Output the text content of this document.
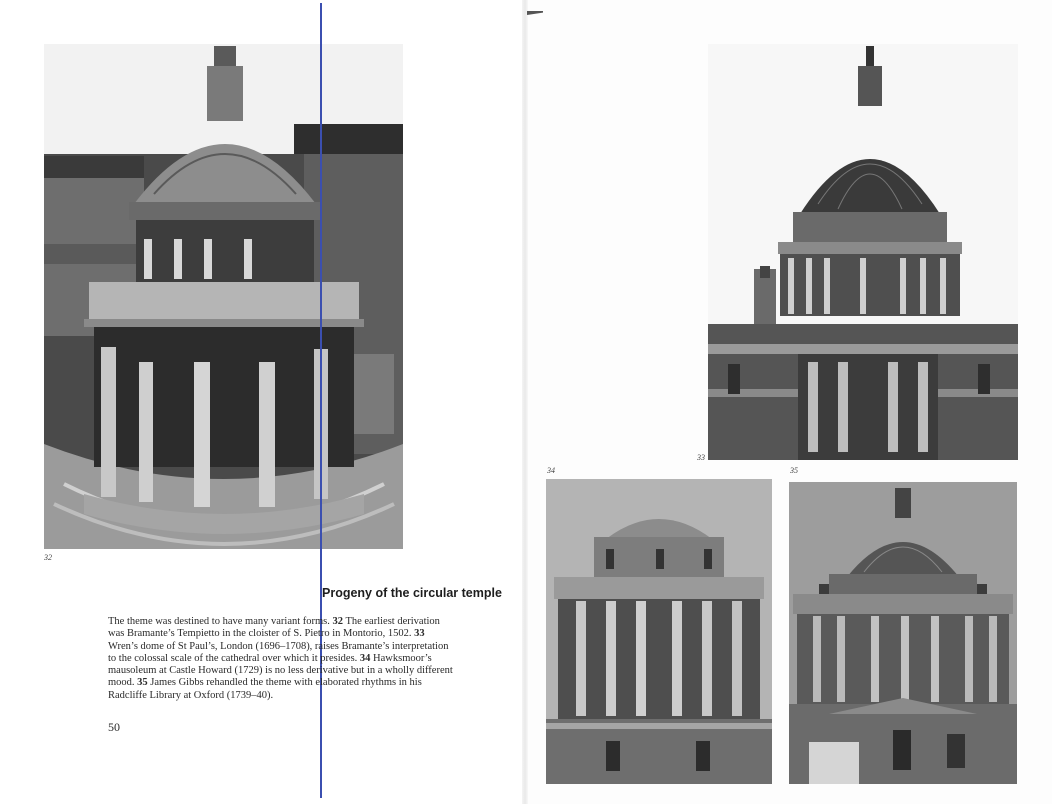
32
33
34	35
Progeny of the circular temple
The theme was destined to have many variant forms. 32 The earliest derivation
was Bramante’s Tempietto in the cloister of S. Pietro in Montorio, 1502. 33
Wren’s dome of St Paul’s, London (1696–1708), raises Bramante’s interpretation
to the colossal scale of the cathedral over which it presides. 34 Hawksmoor’s
mausoleum at Castle Howard (1729) is no less derivative but in a wholly different
mood. 35 James Gibbs rehandled the theme with elaborated rhythms in his
Radcliffe Library at Oxford (1739–40).
50
